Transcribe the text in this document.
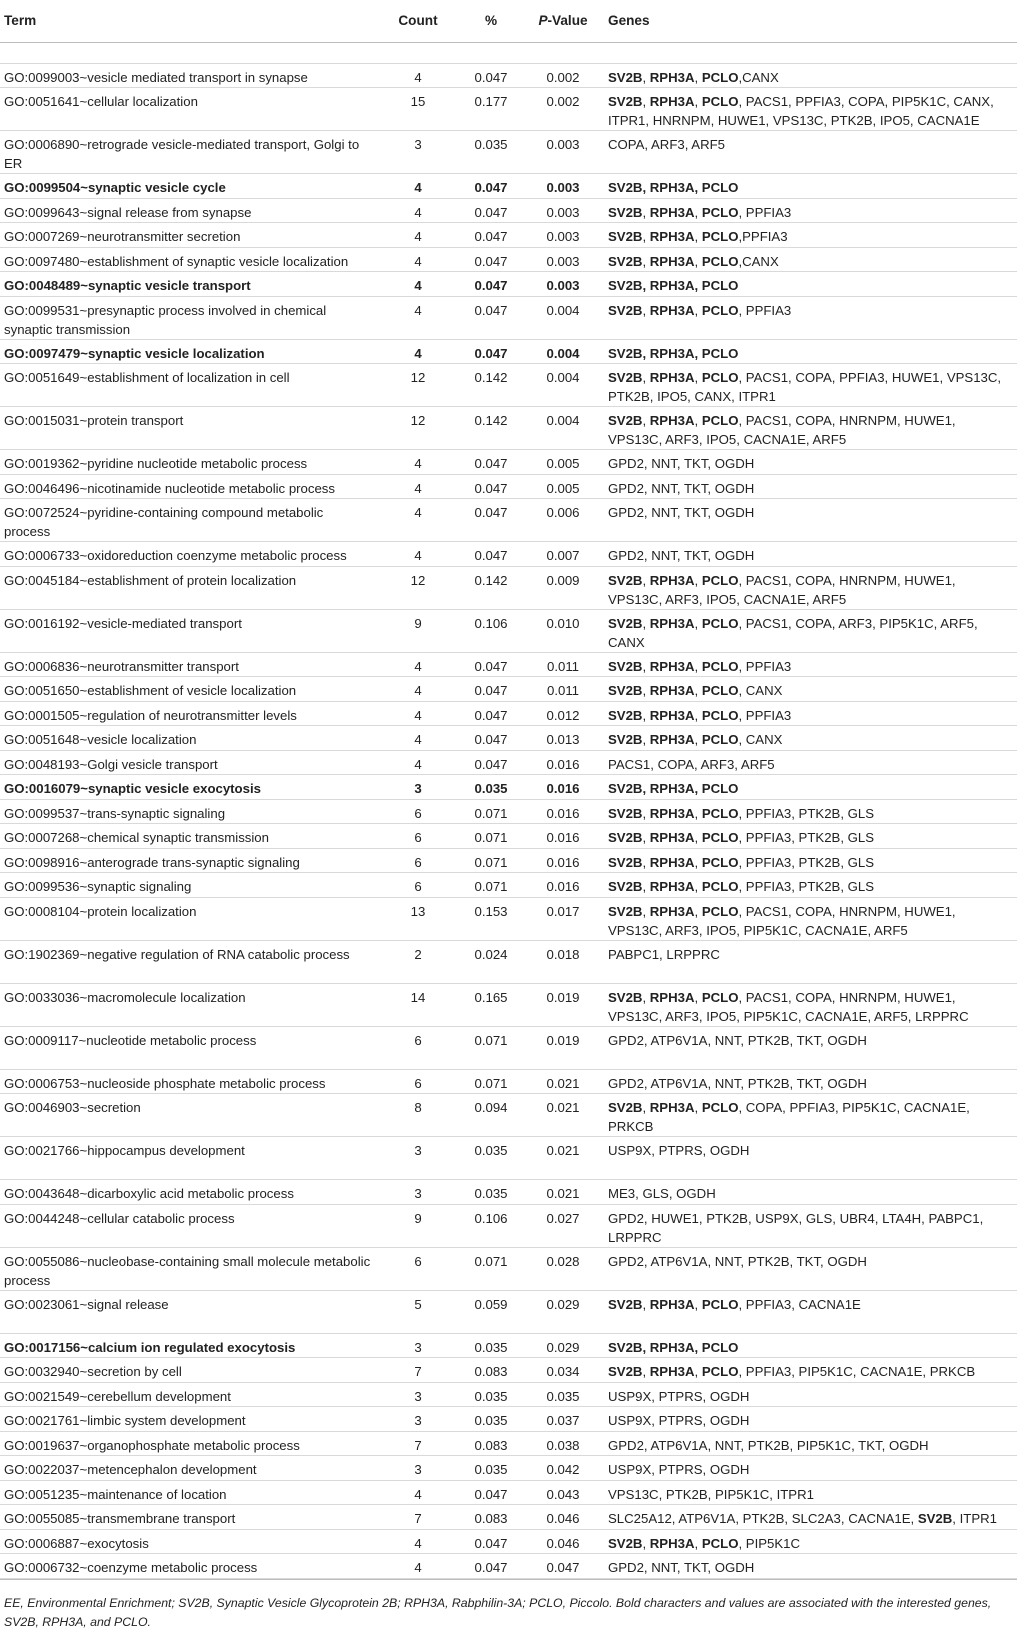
Term	Count	%	P-Value	Genes

GO:0099003~vesicle mediated transport in synapse	4	0.047	0.002	SV2B, RPH3A, PCLO,CANX
GO:0051641~cellular localization	15	0.177	0.002	SV2B, RPH3A, PCLO, PACS1, PPFIA3, COPA, PIP5K1C, CANX, ITPR1, HNRNPM, HUWE1, VPS13C, PTK2B, IPO5, CACNA1E
GO:0006890~retrograde vesicle-mediated transport, Golgi to ER	3	0.035	0.003	COPA, ARF3, ARF5
GO:0099504~synaptic vesicle cycle	4	0.047	0.003	SV2B, RPH3A, PCLO
GO:0099643~signal release from synapse	4	0.047	0.003	SV2B, RPH3A, PCLO, PPFIA3
GO:0007269~neurotransmitter secretion	4	0.047	0.003	SV2B, RPH3A, PCLO,PPFIA3
GO:0097480~establishment of synaptic vesicle localization	4	0.047	0.003	SV2B, RPH3A, PCLO,CANX
GO:0048489~synaptic vesicle transport	4	0.047	0.003	SV2B, RPH3A, PCLO
GO:0099531~presynaptic process involved in chemical synaptic transmission	4	0.047	0.004	SV2B, RPH3A, PCLO, PPFIA3
GO:0097479~synaptic vesicle localization	4	0.047	0.004	SV2B, RPH3A, PCLO
GO:0051649~establishment of localization in cell	12	0.142	0.004	SV2B, RPH3A, PCLO, PACS1, COPA, PPFIA3, HUWE1, VPS13C, PTK2B, IPO5, CANX, ITPR1
GO:0015031~protein transport	12	0.142	0.004	SV2B, RPH3A, PCLO, PACS1, COPA, HNRNPM, HUWE1, VPS13C, ARF3, IPO5, CACNA1E, ARF5
GO:0019362~pyridine nucleotide metabolic process	4	0.047	0.005	GPD2, NNT, TKT, OGDH
GO:0046496~nicotinamide nucleotide metabolic process	4	0.047	0.005	GPD2, NNT, TKT, OGDH
GO:0072524~pyridine-containing compound metabolic process	4	0.047	0.006	GPD2, NNT, TKT, OGDH
GO:0006733~oxidoreduction coenzyme metabolic process	4	0.047	0.007	GPD2, NNT, TKT, OGDH
GO:0045184~establishment of protein localization	12	0.142	0.009	SV2B, RPH3A, PCLO, PACS1, COPA, HNRNPM, HUWE1, VPS13C, ARF3, IPO5, CACNA1E, ARF5
GO:0016192~vesicle-mediated transport	9	0.106	0.010	SV2B, RPH3A, PCLO, PACS1, COPA, ARF3, PIP5K1C, ARF5, CANX
GO:0006836~neurotransmitter transport	4	0.047	0.011	SV2B, RPH3A, PCLO, PPFIA3
GO:0051650~establishment of vesicle localization	4	0.047	0.011	SV2B, RPH3A, PCLO, CANX
GO:0001505~regulation of neurotransmitter levels	4	0.047	0.012	SV2B, RPH3A, PCLO, PPFIA3
GO:0051648~vesicle localization	4	0.047	0.013	SV2B, RPH3A, PCLO, CANX
GO:0048193~Golgi vesicle transport	4	0.047	0.016	PACS1, COPA, ARF3, ARF5
GO:0016079~synaptic vesicle exocytosis	3	0.035	0.016	SV2B, RPH3A, PCLO
GO:0099537~trans-synaptic signaling	6	0.071	0.016	SV2B, RPH3A, PCLO, PPFIA3, PTK2B, GLS
GO:0007268~chemical synaptic transmission	6	0.071	0.016	SV2B, RPH3A, PCLO, PPFIA3, PTK2B, GLS
GO:0098916~anterograde trans-synaptic signaling	6	0.071	0.016	SV2B, RPH3A, PCLO, PPFIA3, PTK2B, GLS
GO:0099536~synaptic signaling	6	0.071	0.016	SV2B, RPH3A, PCLO, PPFIA3, PTK2B, GLS
GO:0008104~protein localization	13	0.153	0.017	SV2B, RPH3A, PCLO, PACS1, COPA, HNRNPM, HUWE1, VPS13C, ARF3, IPO5, PIP5K1C, CACNA1E, ARF5
GO:1902369~negative regulation of RNA catabolic process	2	0.024	0.018	PABPC1, LRPPRC
GO:0033036~macromolecule localization	14	0.165	0.019	SV2B, RPH3A, PCLO, PACS1, COPA, HNRNPM, HUWE1, VPS13C, ARF3, IPO5, PIP5K1C, CACNA1E, ARF5, LRPPRC
GO:0009117~nucleotide metabolic process	6	0.071	0.019	GPD2, ATP6V1A, NNT, PTK2B, TKT, OGDH
GO:0006753~nucleoside phosphate metabolic process	6	0.071	0.021	GPD2, ATP6V1A, NNT, PTK2B, TKT, OGDH
GO:0046903~secretion	8	0.094	0.021	SV2B, RPH3A, PCLO, COPA, PPFIA3, PIP5K1C, CACNA1E, PRKCB
GO:0021766~hippocampus development	3	0.035	0.021	USP9X, PTPRS, OGDH
GO:0043648~dicarboxylic acid metabolic process	3	0.035	0.021	ME3, GLS, OGDH
GO:0044248~cellular catabolic process	9	0.106	0.027	GPD2, HUWE1, PTK2B, USP9X, GLS, UBR4, LTA4H, PABPC1, LRPPRC
GO:0055086~nucleobase-containing small molecule metabolic process	6	0.071	0.028	GPD2, ATP6V1A, NNT, PTK2B, TKT, OGDH
GO:0023061~signal release	5	0.059	0.029	SV2B, RPH3A, PCLO, PPFIA3, CACNA1E
GO:0017156~calcium ion regulated exocytosis	3	0.035	0.029	SV2B, RPH3A, PCLO
GO:0032940~secretion by cell	7	0.083	0.034	SV2B, RPH3A, PCLO, PPFIA3, PIP5K1C, CACNA1E, PRKCB
GO:0021549~cerebellum development	3	0.035	0.035	USP9X, PTPRS, OGDH
GO:0021761~limbic system development	3	0.035	0.037	USP9X, PTPRS, OGDH
GO:0019637~organophosphate metabolic process	7	0.083	0.038	GPD2, ATP6V1A, NNT, PTK2B, PIP5K1C, TKT, OGDH
GO:0022037~metencephalon development	3	0.035	0.042	USP9X, PTPRS, OGDH
GO:0051235~maintenance of location	4	0.047	0.043	VPS13C, PTK2B, PIP5K1C, ITPR1
GO:0055085~transmembrane transport	7	0.083	0.046	SLC25A12, ATP6V1A, PTK2B, SLC2A3, CACNA1E, SV2B, ITPR1
GO:0006887~exocytosis	4	0.047	0.046	SV2B, RPH3A, PCLO, PIP5K1C
GO:0006732~coenzyme metabolic process	4	0.047	0.047	GPD2, NNT, TKT, OGDH
EE, Environmental Enrichment; SV2B, Synaptic Vesicle Glycoprotein 2B; RPH3A, Rabphilin-3A; PCLO, Piccolo. Bold characters and values are associated with the interested genes, SV2B, RPH3A, and PCLO.
